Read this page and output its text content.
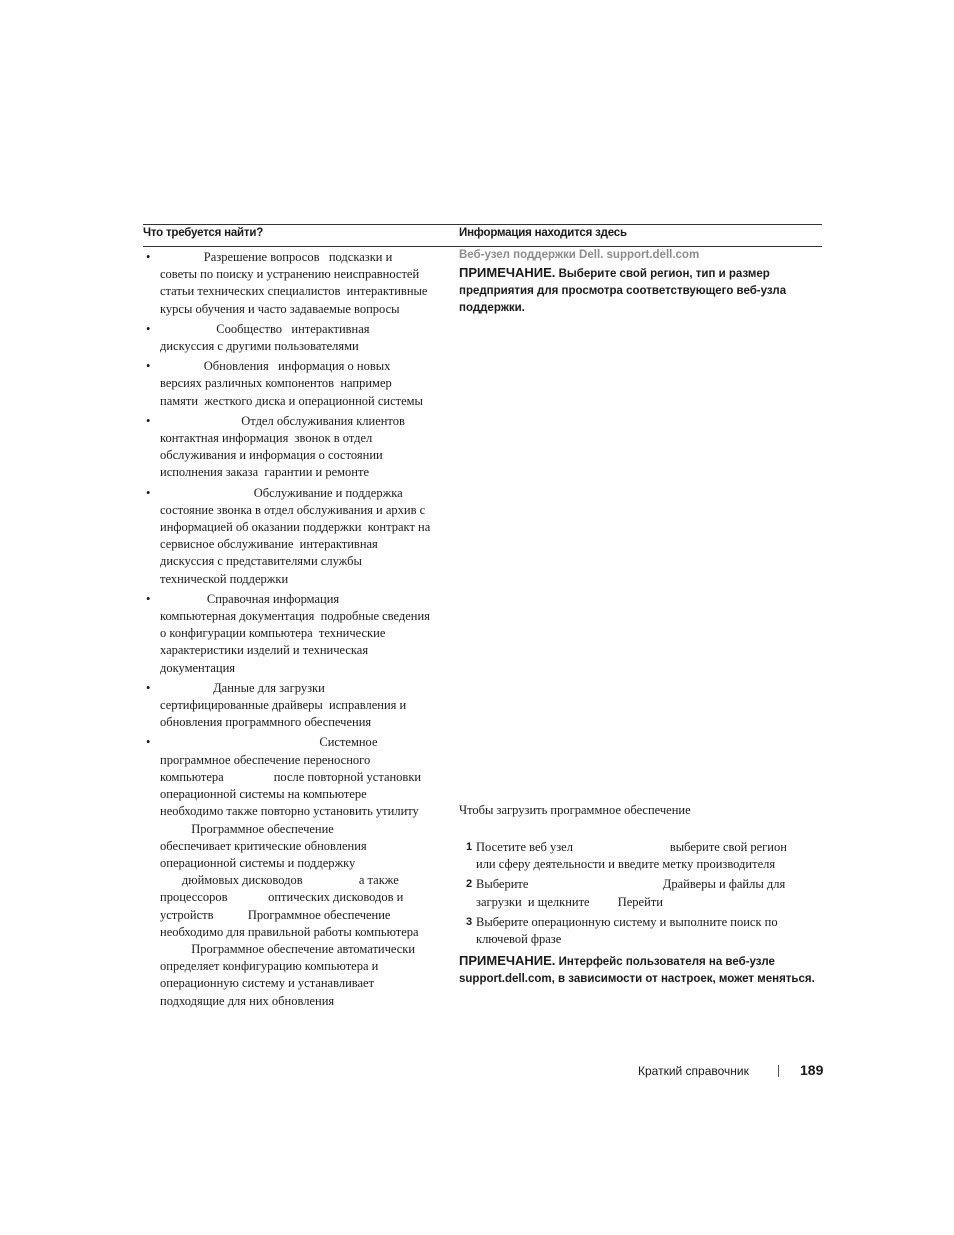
Что требуется найти?	Информация находится здесь
• Разрешение вопросов   подсказки и
советы по поиску и устранению неисправностей
статьи технических специалистов  интерактивные
курсы обучения и часто задаваемые вопросы
• Сообщество   интерактивная
дискуссия с другими пользователями
• Обновления   информация о новых
версиях различных компонентов  например
памяти  жесткого диска и операционной системы
• Отдел обслуживания клиентов
контактная информация  звонок в отдел
обслуживания и информация о состоянии
исполнения заказа  гарантии и ремонте
• Обслуживание и поддержка
состояние звонка в отдел обслуживания и архив с
информацией об оказании поддержки  контракт на
сервисное обслуживание  интерактивная
дискуссия с представителями службы
технической поддержки
• Справочная информация
компьютерная документация  подробные сведения
о конфигурации компьютера  технические
характеристики изделий и техническая
документация
• Данные для загрузки
сертифицированные драйверы  исправления и
обновления программного обеспечения
• Системное
программное обеспечение переносного
компьютера                после повторной установки
операционной системы на компьютере
необходимо также повторно установить утилиту
Программное обеспечение
обеспечивает критические обновления
операционной системы и поддержку
дюймовых дисководов                  а также
процессоров             оптических дисководов и
устройств           Программное обеспечение
необходимо для правильной работы компьютера
Программное обеспечение автоматически
определяет конфигурацию компьютера и
операционную систему и устанавливает
подходящие для них обновления
Веб-узел поддержки Dell. support.dell.com
ПРИМЕЧАНИЕ. Выберите свой регион, тип и размер предприятия для просмотра соответствующего веб-узла поддержки.
Чтобы загрузить программное обеспечение
1 Посетите веб узел                               выберите свой регион
или сферу деятельности и введите метку производителя
2 Выберите                                           Драйверы и файлы для
загрузки  и щелкните         Перейти
3 Выберите операционную систему и выполните поиск по
ключевой фразе
ПРИМЕЧАНИЕ. Интерфейс пользователя на веб-узле support.dell.com, в зависимости от настроек, может меняться.
Краткий справочник	189
